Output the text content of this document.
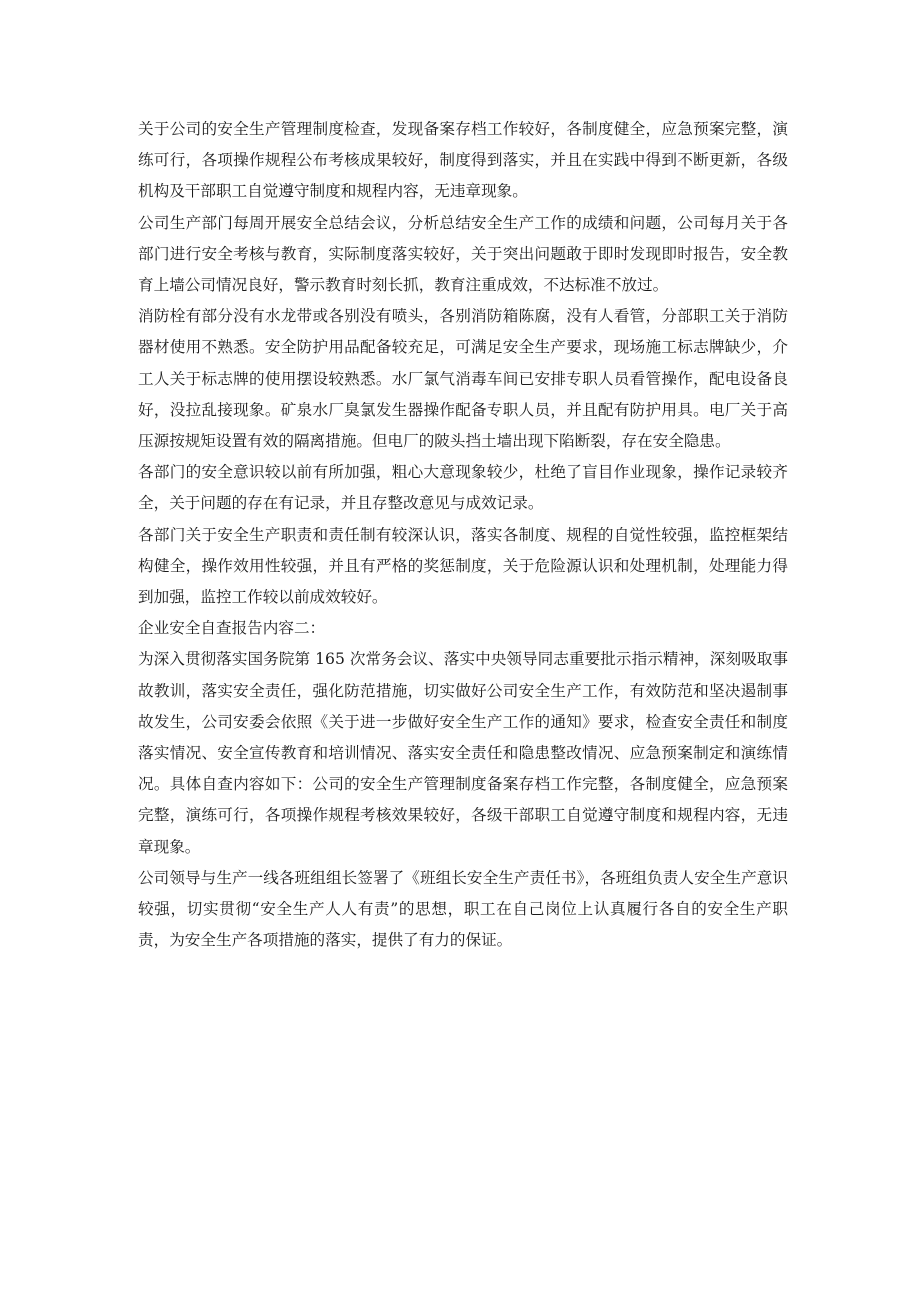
关于公司的安全生产管理制度检查，发现备案存档工作较好，各制度健全，应急预案完整，演练可行，各项操作规程公布考核成果较好，制度得到落实，并且在实践中得到不断更新，各级机构及干部职工自觉遵守制度和规程内容，无违章现象。

公司生产部门每周开展安全总结会议，分析总结安全生产工作的成绩和问题，公司每月关于各部门进行安全考核与教育，实际制度落实较好，关于突出问题敢于即时发现即时报告，安全教育上墙公司情况良好，警示教育时刻长抓，教育注重成效，不达标准不放过。

消防栓有部分没有水龙带或各别没有喷头，各别消防箱陈腐，没有人看管，分部职工关于消防器材使用不熟悉。安全防护用品配备较充足，可满足安全生产要求，现场施工标志牌缺少，介工人关于标志牌的使用摆设较熟悉。水厂氯气消毒车间已安排专职人员看管操作，配电设备良好，没拉乱接现象。矿泉水厂臭氯发生器操作配备专职人员，并且配有防护用具。电厂关于高压源按规矩设置有效的隔离措施。但电厂的陂头挡土墙出现下陷断裂，存在安全隐患。

各部门的安全意识较以前有所加强，粗心大意现象较少，杜绝了盲目作业现象，操作记录较齐全，关于问题的存在有记录，并且存整改意见与成效记录。

各部门关于安全生产职责和责任制有较深认识，落实各制度、规程的自觉性较强，监控框架结构健全，操作效用性较强，并且有严格的奖惩制度，关于危险源认识和处理机制，处理能力得到加强，监控工作较以前成效较好。

企业安全自查报告内容二：

为深入贯彻落实国务院第 165 次常务会议、落实中央领导同志重要批示指示精神，深刻吸取事故教训，落实安全责任，强化防范措施，切实做好公司安全生产工作，有效防范和坚决遏制事故发生，公司安委会依照《关于进一步做好安全生产工作的通知》要求，检查安全责任和制度落实情况、安全宣传教育和培训情况、落实安全责任和隐患整改情况、应急预案制定和演练情况。具体自查内容如下：公司的安全生产管理制度备案存档工作完整，各制度健全，应急预案完整，演练可行，各项操作规程考核效果较好，各级干部职工自觉遵守制度和规程内容，无违章现象。

公司领导与生产一线各班组组长签署了《班组长安全生产责任书》，各班组负责人安全生产意识较强，切实贯彻“安全生产人人有责”的思想，职工在自己岗位上认真履行各自的安全生产职责，为安全生产各项措施的落实，提供了有力的保证。
